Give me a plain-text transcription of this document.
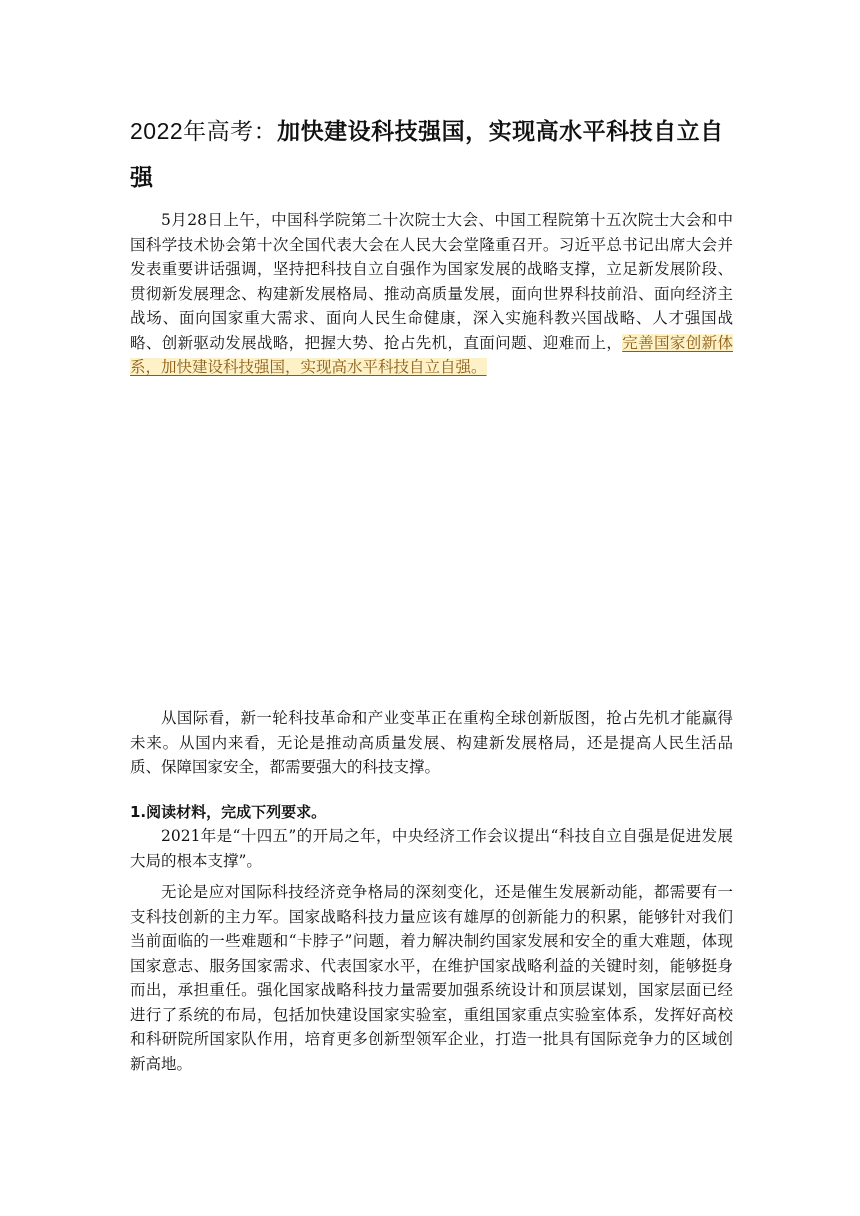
2022年高考：加快建设科技强国，实现高水平科技自立自强

5月28日上午，中国科学院第二十次院士大会、中国工程院第十五次院士大会和中国科学技术协会第十次全国代表大会在人民大会堂隆重召开。习近平总书记出席大会并发表重要讲话强调，坚持把科技自立自强作为国家发展的战略支撑，立足新发展阶段、贯彻新发展理念、构建新发展格局、推动高质量发展，面向世界科技前沿、面向经济主战场、面向国家重大需求、面向人民生命健康，深入实施科教兴国战略、人才强国战略、创新驱动发展战略，把握大势、抢占先机，直面问题、迎难而上，完善国家创新体系，加快建设科技强国，实现高水平科技自立自强。

从国际看，新一轮科技革命和产业变革正在重构全球创新版图，抢占先机才能赢得未来。从国内来看，无论是推动高质量发展、构建新发展格局，还是提高人民生活品质、保障国家安全，都需要强大的科技支撑。

1.阅读材料，完成下列要求。

2021年是“十四五”的开局之年，中央经济工作会议提出“科技自立自强是促进发展大局的根本支撑”。

无论是应对国际科技经济竞争格局的深刻变化，还是催生发展新动能，都需要有一支科技创新的主力军。国家战略科技力量应该有雄厚的创新能力的积累，能够针对我们当前面临的一些难题和“卡脖子”问题，着力解决制约国家发展和安全的重大难题，体现国家意志、服务国家需求、代表国家水平，在维护国家战略利益的关键时刻，能够挺身而出，承担重任。强化国家战略科技力量需要加强系统设计和顶层谋划，国家层面已经进行了系统的布局，包括加快建设国家实验室，重组国家重点实验室体系，发挥好高校和科研院所国家队作用，培育更多创新型领军企业，打造一批具有国际竞争力的区域创新高地。
